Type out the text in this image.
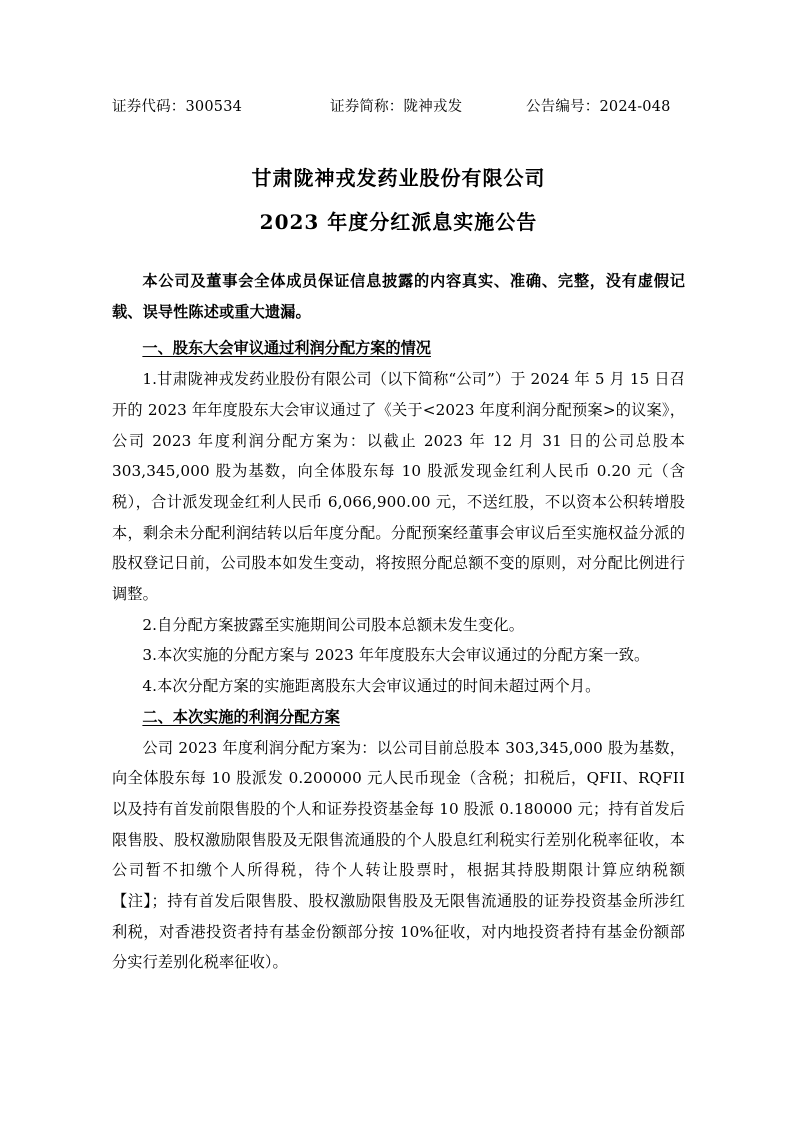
证券代码：300534	证券简称：陇神戎发	公告编号：2024-048
甘肃陇神戎发药业股份有限公司
2023 年度分红派息实施公告

本公司及董事会全体成员保证信息披露的内容真实、准确、完整，没有虚假记载、误导性陈述或重大遗漏。

一、股东大会审议通过利润分配方案的情况

1.甘肃陇神戎发药业股份有限公司（以下简称“公司”）于 2024 年 5 月 15 日召开的 2023 年年度股东大会审议通过了《关于<2023 年度利润分配预案>的议案》，公司 2023 年度利润分配方案为：以截止 2023 年 12 月 31 日的公司总股本 303,345,000 股为基数，向全体股东每 10 股派发现金红利人民币 0.20 元（含税），合计派发现金红利人民币 6,066,900.00 元，不送红股，不以资本公积转增股本，剩余未分配利润结转以后年度分配。分配预案经董事会审议后至实施权益分派的股权登记日前，公司股本如发生变动，将按照分配总额不变的原则，对分配比例进行调整。

2.自分配方案披露至实施期间公司股本总额未发生变化。

3.本次实施的分配方案与 2023 年年度股东大会审议通过的分配方案一致。

4.本次分配方案的实施距离股东大会审议通过的时间未超过两个月。

二、本次实施的利润分配方案

公司 2023 年度利润分配方案为：以公司目前总股本 303,345,000 股为基数，向全体股东每 10 股派发 0.200000 元人民币现金（含税；扣税后，QFII、RQFII 以及持有首发前限售股的个人和证券投资基金每 10 股派 0.180000 元；持有首发后限售股、股权激励限售股及无限售流通股的个人股息红利税实行差别化税率征收，本公司暂不扣缴个人所得税，待个人转让股票时，根据其持股期限计算应纳税额【注】；持有首发后限售股、股权激励限售股及无限售流通股的证券投资基金所涉红利税，对香港投资者持有基金份额部分按 10%征收，对内地投资者持有基金份额部分实行差别化税率征收）。
